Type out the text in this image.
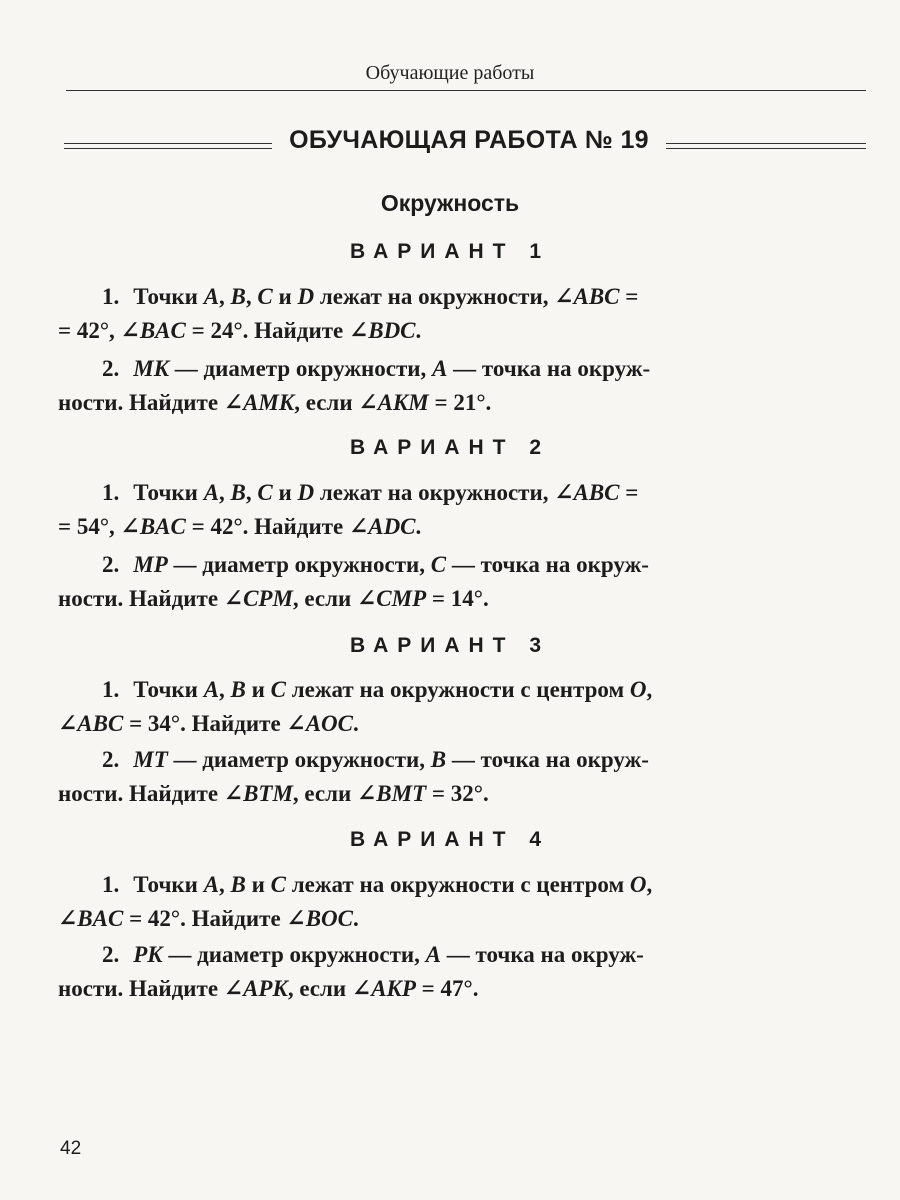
Обучающие работы
ОБУЧАЮЩАЯ РАБОТА № 19
Окружность
ВАРИАНТ 1
1. Точки A, B, C и D лежат на окружности, ∠ABC =
= 42°, ∠BAC = 24°. Найдите ∠BDC.
2. MK — диаметр окружности, A — точка на окруж-
ности. Найдите ∠AMK, если ∠AKM = 21°.
ВАРИАНТ 2
1. Точки A, B, C и D лежат на окружности, ∠ABC =
= 54°, ∠BAC = 42°. Найдите ∠ADC.
2. MP — диаметр окружности, C — точка на окруж-
ности. Найдите ∠CPM, если ∠CMP = 14°.
ВАРИАНТ 3
1. Точки A, B и C лежат на окружности с центром O,
∠ABC = 34°. Найдите ∠AOC.
2. MT — диаметр окружности, B — точка на окруж-
ности. Найдите ∠BTM, если ∠BMT = 32°.
ВАРИАНТ 4
1. Точки A, B и C лежат на окружности с центром O,
∠BAC = 42°. Найдите ∠BOC.
2. PK — диаметр окружности, A — точка на окруж-
ности. Найдите ∠APK, если ∠AKP = 47°.
42
